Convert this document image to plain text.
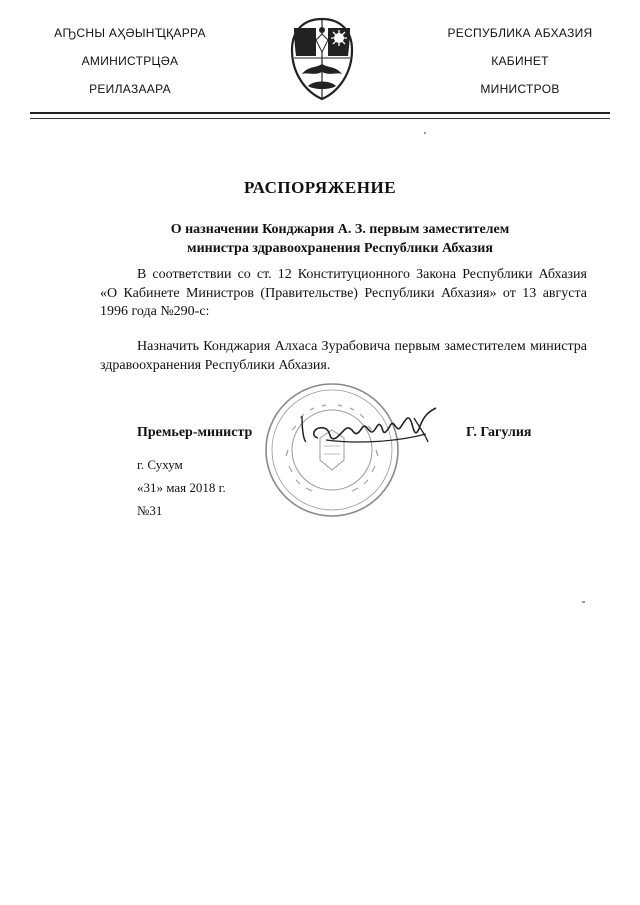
АҦСНЫ АҲӘЫНҴҚАРРА
АМИНИСТРЦӘА
РЕИЛАЗААРА
РЕСПУБЛИКА АБХАЗИЯ
КАБИНЕТ
МИНИСТРОВ
РАСПОРЯЖЕНИЕ
О назначении Конджария А. З. первым заместителем
министра здравоохранения Республики Абхазия
В соответствии со ст. 12 Конституционного Закона Республики Абхазия «О Кабинете Министров (Правительстве) Республики Абхазия» от 13 августа 1996 года №290-с:
Назначить Конджария Алхаса Зурабовича первым заместителем министра здравоохранения Республики Абхазия.
Премьер-министр	Г. Гагулия
г. Сухум
«31» мая 2018 г.
№31
